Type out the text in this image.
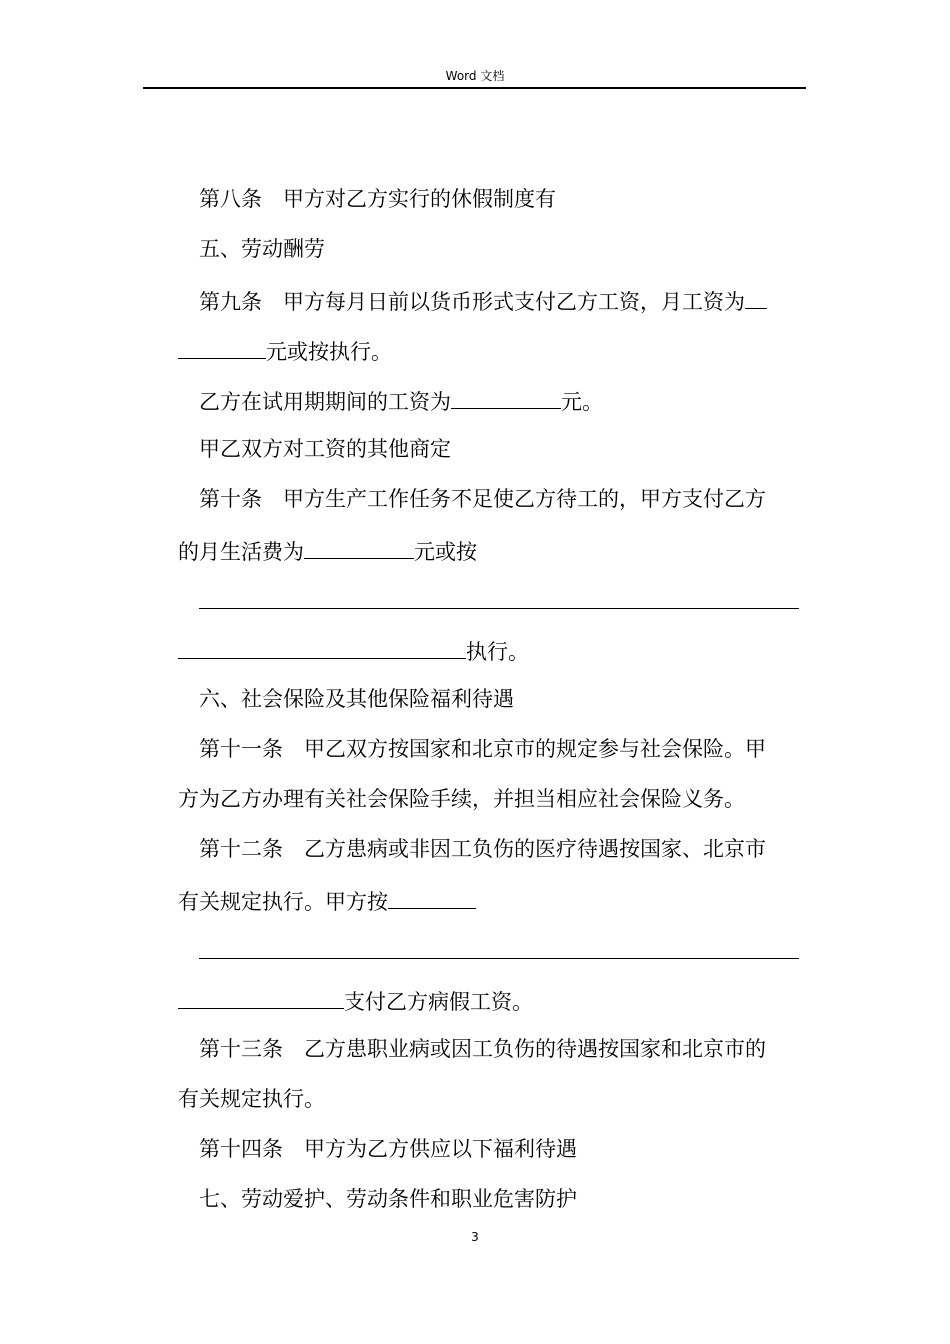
Word 文档
第八条　甲方对乙方实行的休假制度有
五、劳动酬劳
第九条　甲方每月日前以货币形式支付乙方工资，月工资为
元或按执行。
乙方在试用期期间的工资为	元。
甲乙双方对工资的其他商定
第十条　甲方生产工作任务不足使乙方待工的，甲方支付乙方
的月生活费为	元或按
执行。
六、社会保险及其他保险福利待遇
第十一条　甲乙双方按国家和北京市的规定参与社会保险。甲
方为乙方办理有关社会保险手续，并担当相应社会保险义务。
第十二条　乙方患病或非因工负伤的医疗待遇按国家、北京市
有关规定执行。甲方按
支付乙方病假工资。
第十三条　乙方患职业病或因工负伤的待遇按国家和北京市的
有关规定执行。
第十四条　甲方为乙方供应以下福利待遇
七、劳动爱护、劳动条件和职业危害防护
3
